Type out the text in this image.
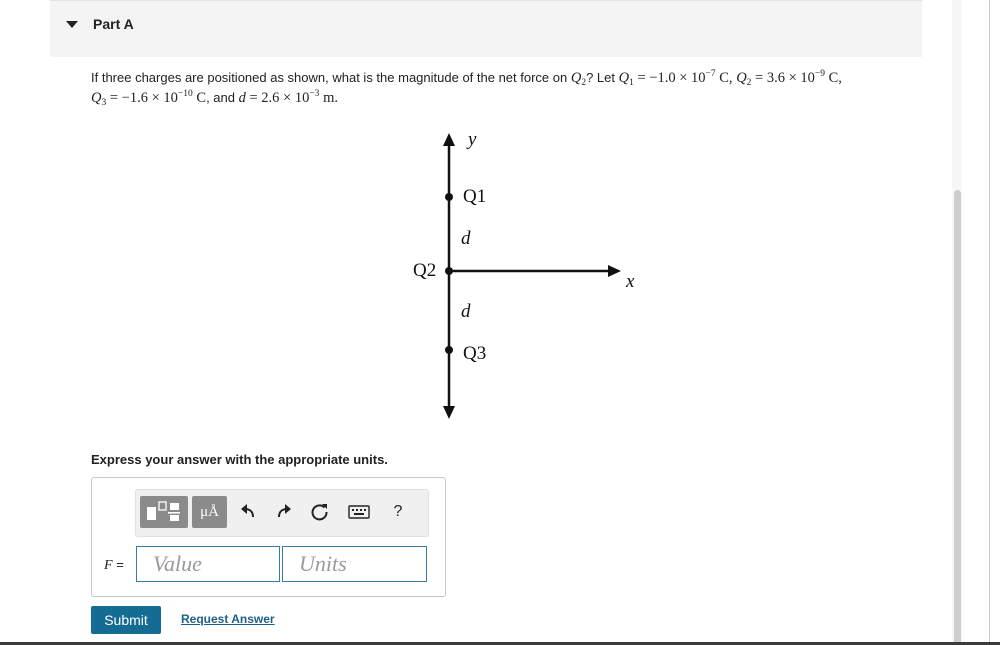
Part A
If three charges are positioned as shown, what is the magnitude of the net force on $Q_2$? Let $Q_1 = -1.0 \times 10^{-7}$ C, $Q_2 = 3.6 \times 10^{-9}$ C,
$Q_3 = -1.6 \times 10^{-10}$ C, and $d = 2.6 \times 10^{-3}$ m.
y
x
Q1
Q2
Q3
d
d
Express your answer with the appropriate units.
μÅ	?
F =
Value
Units
Submit	Request Answer
